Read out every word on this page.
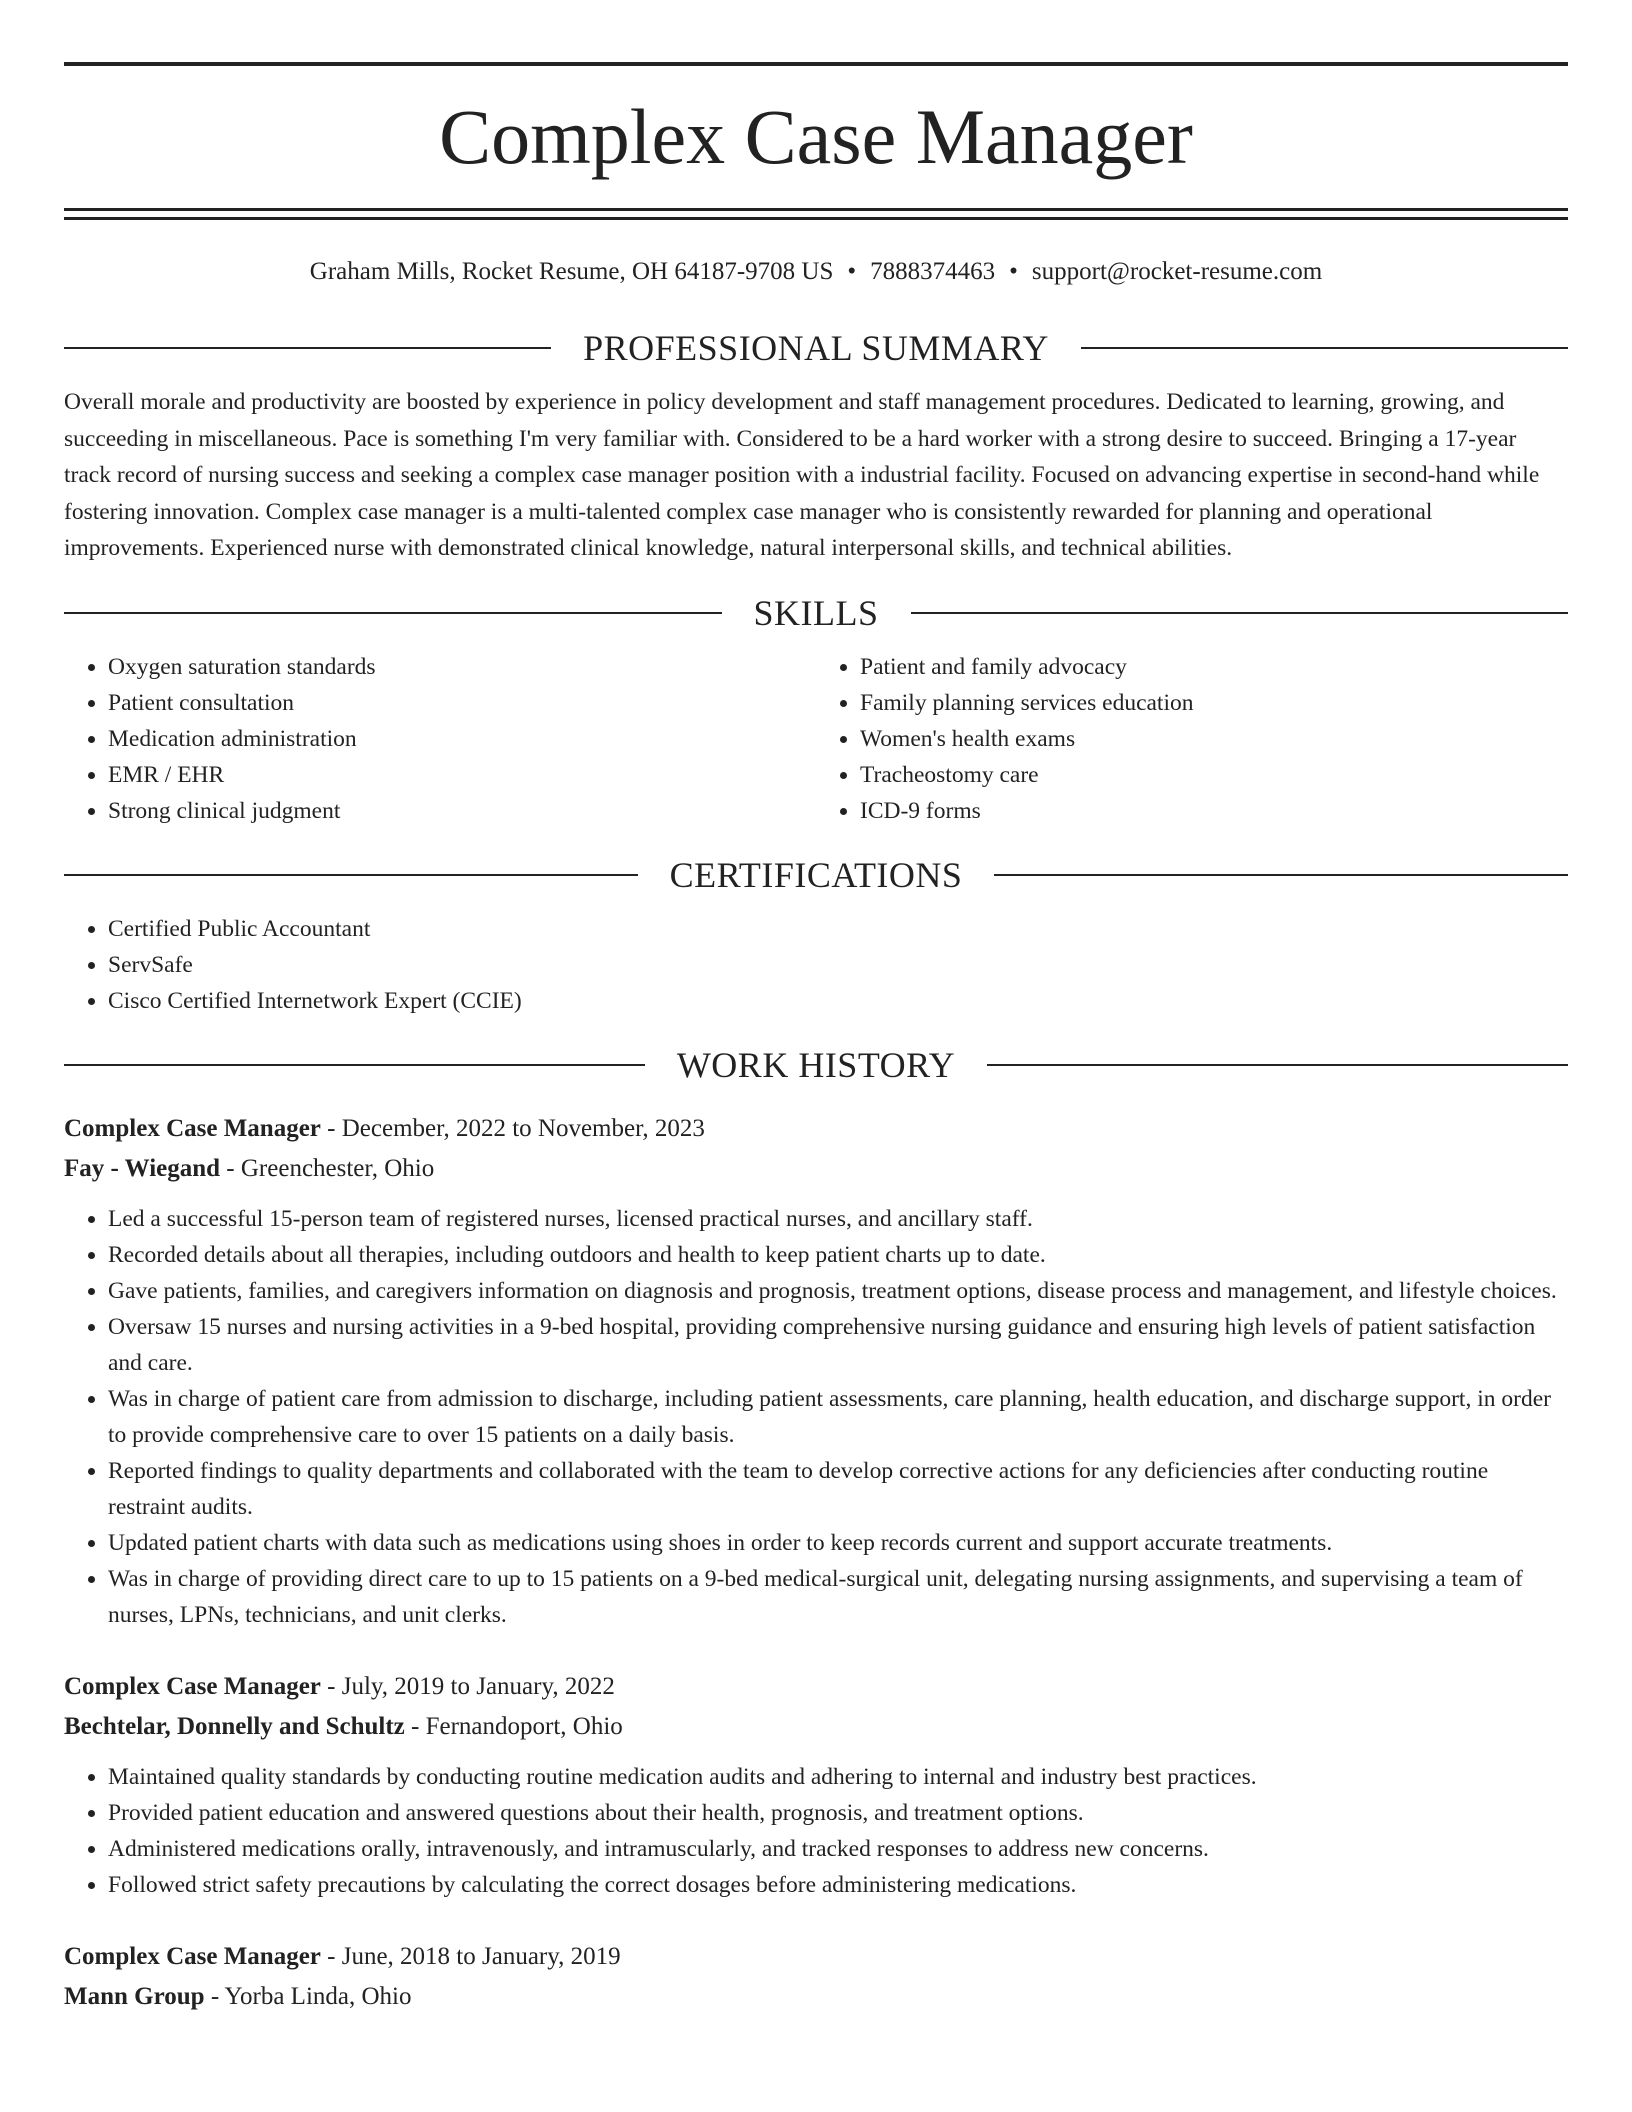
Complex Case Manager
Graham Mills, Rocket Resume, OH 64187-9708 US • 7888374463 • support@rocket-resume.com
PROFESSIONAL SUMMARY

Overall morale and productivity are boosted by experience in policy development and staff management procedures. Dedicated to learning, growing, and succeeding in miscellaneous. Pace is something I'm very familiar with. Considered to be a hard worker with a strong desire to succeed. Bringing a 17-year track record of nursing success and seeking a complex case manager position with a industrial facility. Focused on advancing expertise in second-hand while fostering innovation. Complex case manager is a multi-talented complex case manager who is consistently rewarded for planning and operational improvements. Experienced nurse with demonstrated clinical knowledge, natural interpersonal skills, and technical abilities.

SKILLS
• Oxygen saturation standards
• Patient consultation
• Medication administration
• EMR / EHR
• Strong clinical judgment
• Patient and family advocacy
• Family planning services education
• Women's health exams
• Tracheostomy care
• ICD-9 forms
CERTIFICATIONS
• Certified Public Accountant
• ServSafe
• Cisco Certified Internetwork Expert (CCIE)
WORK HISTORY
Complex Case Manager - December, 2022 to November, 2023
Fay - Wiegand - Greenchester, Ohio
• Led a successful 15-person team of registered nurses, licensed practical nurses, and ancillary staff.
• Recorded details about all therapies, including outdoors and health to keep patient charts up to date.
• Gave patients, families, and caregivers information on diagnosis and prognosis, treatment options, disease process and management, and lifestyle choices.
• Oversaw 15 nurses and nursing activities in a 9-bed hospital, providing comprehensive nursing guidance and ensuring high levels of patient satisfaction and care.
• Was in charge of patient care from admission to discharge, including patient assessments, care planning, health education, and discharge support, in order to provide comprehensive care to over 15 patients on a daily basis.
• Reported findings to quality departments and collaborated with the team to develop corrective actions for any deficiencies after conducting routine restraint audits.
• Updated patient charts with data such as medications using shoes in order to keep records current and support accurate treatments.
• Was in charge of providing direct care to up to 15 patients on a 9-bed medical-surgical unit, delegating nursing assignments, and supervising a team of nurses, LPNs, technicians, and unit clerks.
Complex Case Manager - July, 2019 to January, 2022
Bechtelar, Donnelly and Schultz - Fernandoport, Ohio
• Maintained quality standards by conducting routine medication audits and adhering to internal and industry best practices.
• Provided patient education and answered questions about their health, prognosis, and treatment options.
• Administered medications orally, intravenously, and intramuscularly, and tracked responses to address new concerns.
• Followed strict safety precautions by calculating the correct dosages before administering medications.
Complex Case Manager - June, 2018 to January, 2019
Mann Group - Yorba Linda, Ohio
